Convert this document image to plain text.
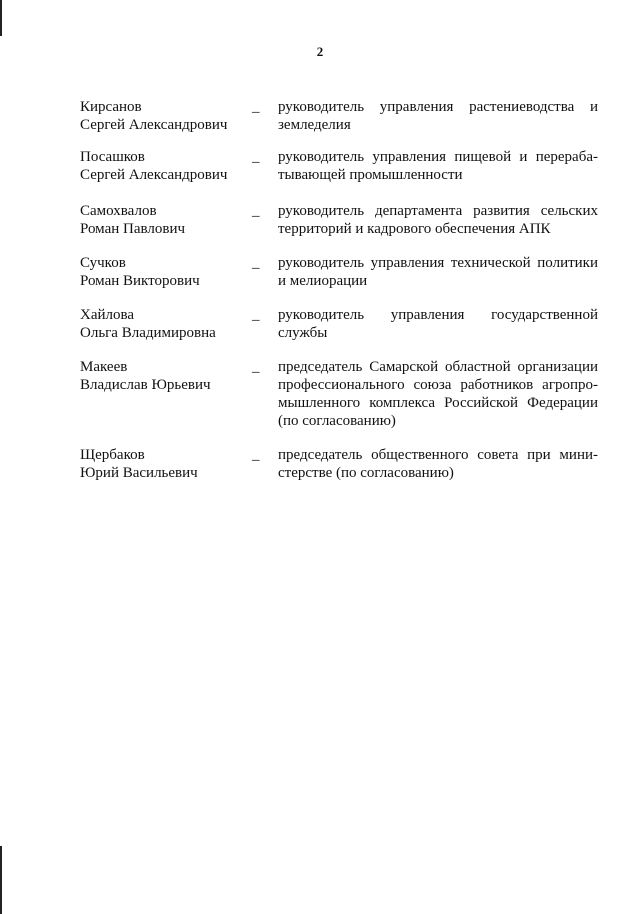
2
Кирсанов
Сергей Александрович
_ руководитель управления растениеводства и
земледелия
Посашков
Сергей Александрович
_ руководитель управления пищевой и перераба-
тывающей промышленности
Самохвалов
Роман Павлович
_ руководитель департамента развития сельских
территорий и кадрового обеспечения АПК
Сучков
Роман Викторович
_ руководитель управления технической политики
и мелиорации
Хайлова
Ольга Владимировна
_ руководитель управления государственной
службы
Макеев
Владислав Юрьевич
_ председатель Самарской областной организации
профессионального союза работников агропро-
мышленного комплекса Российской Федерации
(по согласованию)
Щербаков
Юрий Васильевич
_ председатель общественного совета при мини-
стерстве (по согласованию)
